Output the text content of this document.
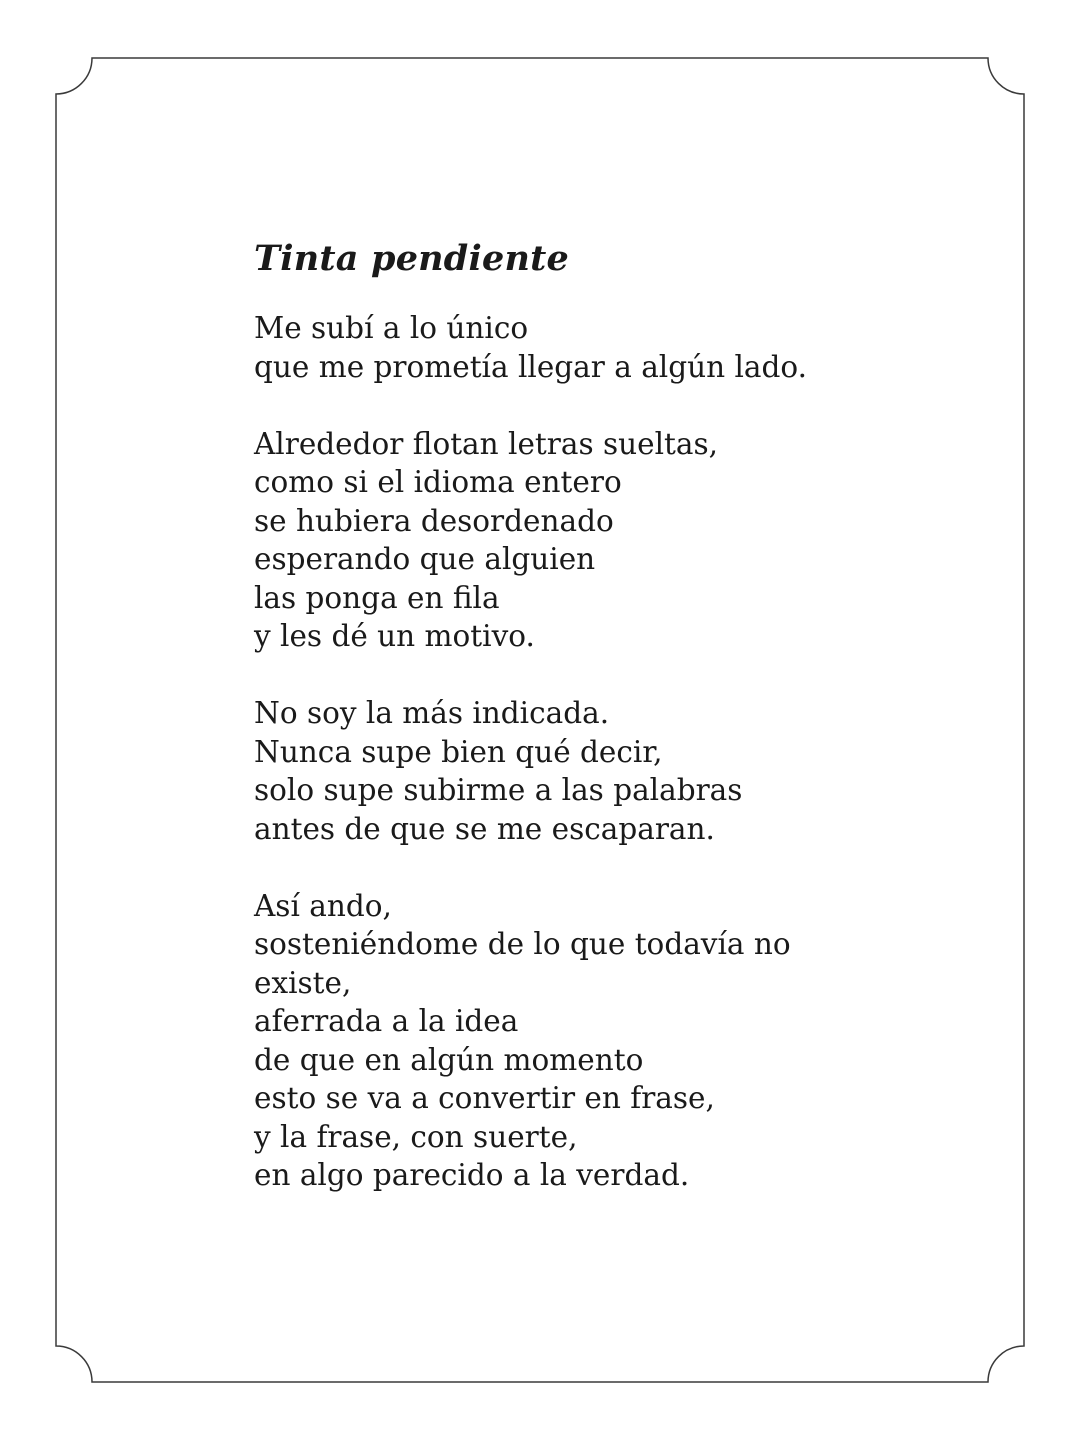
Tinta pendiente

Me subí a lo único
que me prometía llegar a algún lado.

Alrededor flotan letras sueltas,
como si el idioma entero
se hubiera desordenado
esperando que alguien
las ponga en fila
y les dé un motivo.

No soy la más indicada.
Nunca supe bien qué decir,
solo supe subirme a las palabras
antes de que se me escaparan.

Así ando,
sosteniéndome de lo que todavía no
existe,
aferrada a la idea
de que en algún momento
esto se va a convertir en frase,
y la frase, con suerte,
en algo parecido a la verdad.
